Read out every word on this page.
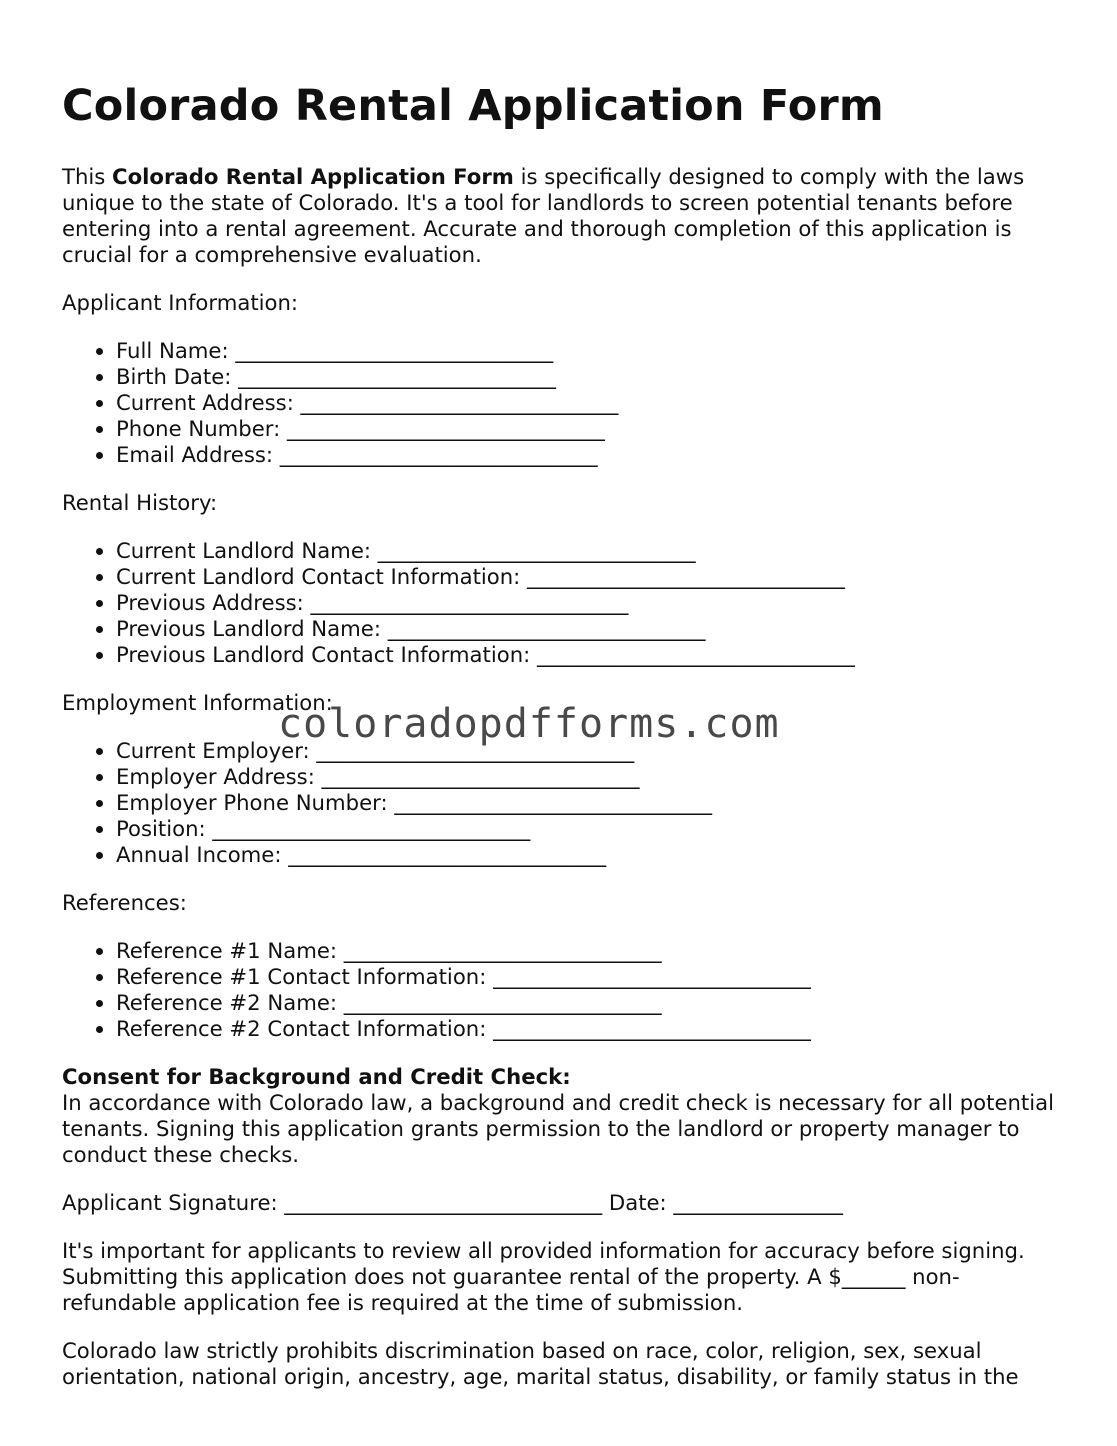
Colorado Rental Application Form

This Colorado Rental Application Form is specifically designed to comply with the laws unique to the state of Colorado. It's a tool for landlords to screen potential tenants before entering into a rental agreement. Accurate and thorough completion of this application is crucial for a comprehensive evaluation.

Applicant Information:

• Full Name: ______________________________
• Birth Date: ______________________________
• Current Address: ______________________________
• Phone Number: ______________________________
• Email Address: ______________________________

Rental History:

• Current Landlord Name: ______________________________
• Current Landlord Contact Information: ______________________________
• Previous Address: ______________________________
• Previous Landlord Name: ______________________________
• Previous Landlord Contact Information: ______________________________

Employment Information:

• Current Employer: ______________________________
• Employer Address: ______________________________
• Employer Phone Number: ______________________________
• Position: ______________________________
• Annual Income: ______________________________

References:

• Reference #1 Name: ______________________________
• Reference #1 Contact Information: ______________________________
• Reference #2 Name: ______________________________
• Reference #2 Contact Information: ______________________________

Consent for Background and Credit Check:

In accordance with Colorado law, a background and credit check is necessary for all potential tenants. Signing this application grants permission to the landlord or property manager to conduct these checks.

Applicant Signature: ______________________________ Date: ________________

It's important for applicants to review all provided information for accuracy before signing. Submitting this application does not guarantee rental of the property. A $______ non-refundable application fee is required at the time of submission.

Colorado law strictly prohibits discrimination based on race, color, religion, sex, sexual orientation, national origin, ancestry, age, marital status, disability, or family status in the

coloradopdfforms.com
